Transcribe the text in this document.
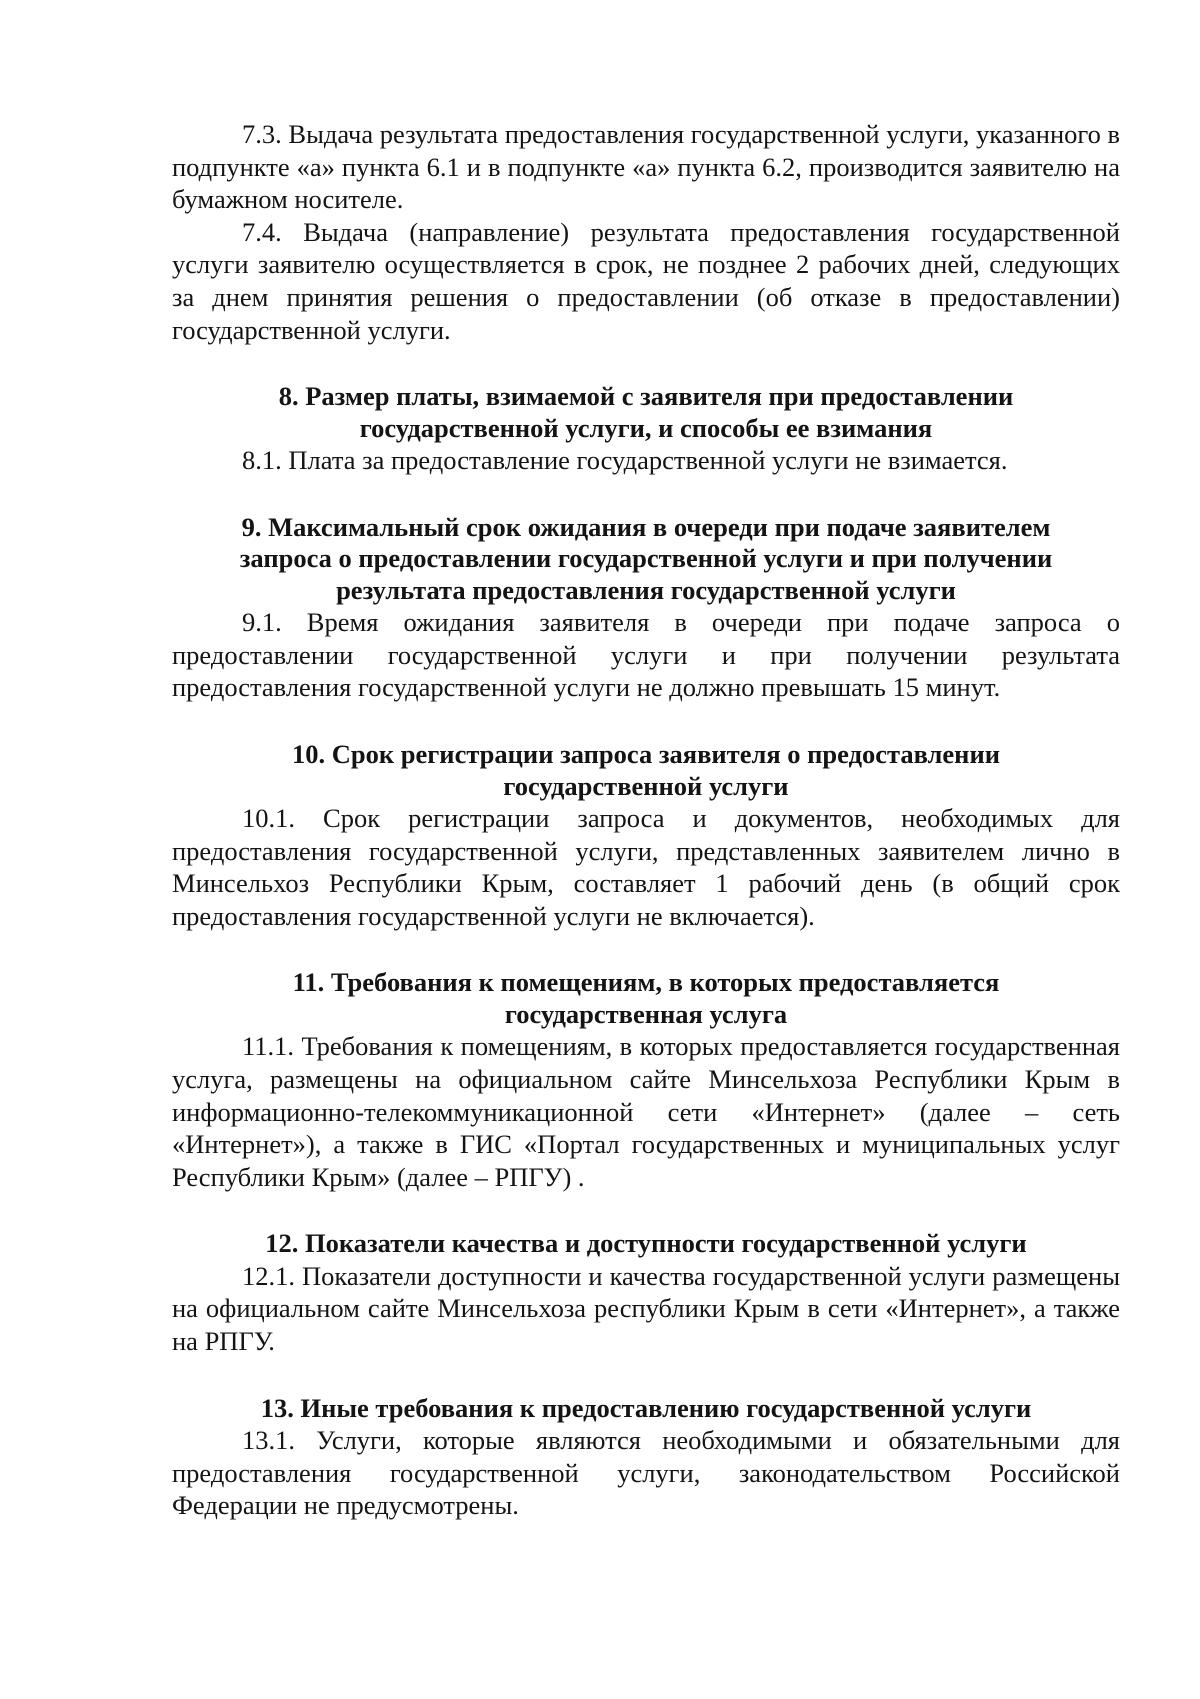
7.3. Выдача результата предоставления государственной услуги, указанного в подпункте «а» пункта 6.1 и в подпункте «а» пункта 6.2, производится заявителю на бумажном носителе.

7.4. Выдача (направление) результата предоставления государственной услуги заявителю осуществляется в срок, не позднее 2 рабочих дней, следующих за днем принятия решения о предоставлении (об отказе в предоставлении) государственной услуги.

8. Размер платы, взимаемой с заявителя при предоставлении
государственной услуги, и способы ее взимания

8.1. Плата за предоставление государственной услуги не взимается.

9. Максимальный срок ожидания в очереди при подаче заявителем
запроса о предоставлении государственной услуги и при получении
результата предоставления государственной услуги

9.1. Время ожидания заявителя в очереди при подаче запроса о предоставлении государственной услуги и при получении результата предоставления государственной услуги не должно превышать 15 минут.

10. Срок регистрации запроса заявителя о предоставлении
государственной услуги

10.1. Срок регистрации запроса и документов, необходимых для предоставления государственной услуги, представленных заявителем лично в Минсельхоз Республики Крым, составляет 1 рабочий день (в общий срок предоставления государственной услуги не включается).

11. Требования к помещениям, в которых предоставляется
государственная услуга

11.1. Требования к помещениям, в которых предоставляется государственная услуга, размещены на официальном сайте Минсельхоза Республики Крым в информационно-телекоммуникационной сети «Интернет» (далее – сеть «Интернет»), а также в ГИС «Портал государственных и муниципальных услуг Республики Крым» (далее – РПГУ) .

12. Показатели качества и доступности государственной услуги

12.1. Показатели доступности и качества государственной услуги размещены на официальном сайте Минсельхоза республики Крым в сети «Интернет», а также на РПГУ.

13. Иные требования к предоставлению государственной услуги

13.1. Услуги, которые являются необходимыми и обязательными для предоставления государственной услуги, законодательством Российской Федерации не предусмотрены.
